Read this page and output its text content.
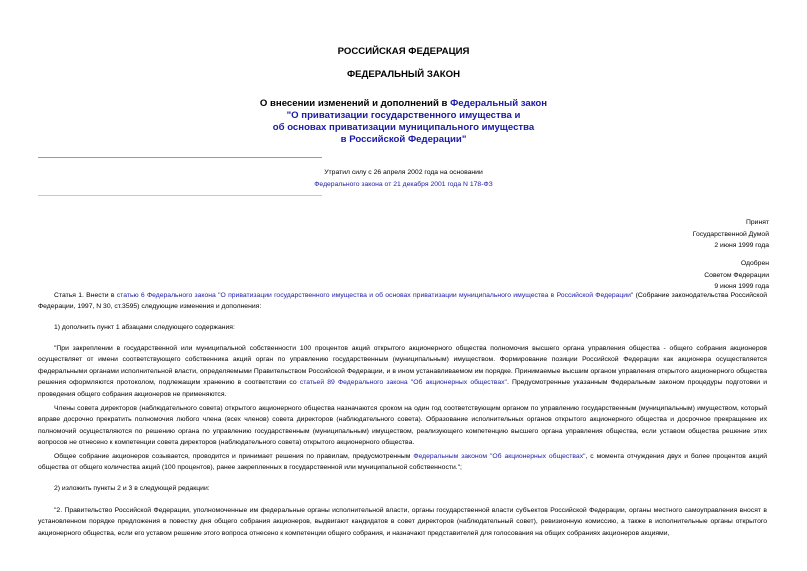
РОССИЙСКАЯ ФЕДЕРАЦИЯ
ФЕДЕРАЛЬНЫЙ ЗАКОН
О внесении изменений и дополнений в Федеральный закон
"О приватизации государственного имущества и
об основах приватизации муниципального имущества
в Российской Федерации"
Утратил силу с 26 апреля 2002 года на основании
Федерального закона от 21 декабря 2001 года N 178-ФЗ
Принят
Государственной Думой
2 июня 1999 года
Одобрен
Советом Федерации
9 июня 1999 года
Статья 1. Внести в статью 6 Федерального закона "О приватизации государственного имущества и об основах приватизации муниципального имущества в Российской Федерации" (Собрание законодательства Российской Федерации, 1997, N 30, ст.3595) следующие изменения и дополнения:
1) дополнить пункт 1 абзацами следующего содержания:
"При закреплении в государственной или муниципальной собственности 100 процентов акций открытого акционерного общества полномочия высшего органа управления общества - общего собрания акционеров осуществляет от имени соответствующего собственника акций орган по управлению государственным (муниципальным) имуществом. Формирование позиции Российской Федерации как акционера осуществляется федеральными органами исполнительной власти, определяемыми Правительством Российской Федерации, и в ином устанавливаемом им порядке. Принимаемые высшим органом управления открытого акционерного общества решения оформляются протоколом, подлежащим хранению в соответствии со статьей 89 Федерального закона "Об акционерных обществах". Предусмотренные указанным Федеральным законом процедуры подготовки и проведения общего собрания акционеров не применяются.
Члены совета директоров (наблюдательного совета) открытого акционерного общества назначаются сроком на один год соответствующим органом по управлению государственным (муниципальным) имуществом, который вправе досрочно прекратить полномочия любого члена (всех членов) совета директоров (наблюдательного совета). Образование исполнительных органов открытого акционерного общества и досрочное прекращение их полномочий осуществляются по решению органа по управлению государственным (муниципальным) имуществом, реализующего компетенцию высшего органа управления общества, если уставом общества решение этих вопросов не отнесено к компетенции совета директоров (наблюдательного совета) открытого акционерного общества.
Общее собрание акционеров созывается, проводится и принимает решения по правилам, предусмотренным Федеральным законом "Об акционерных обществах", с момента отчуждения двух и более процентов акций общества от общего количества акций (100 процентов), ранее закрепленных в государственной или муниципальной собственности.";
2) изложить пункты 2 и 3 в следующей редакции:
"2. Правительство Российской Федерации, уполномоченные им федеральные органы исполнительной власти, органы государственной власти субъектов Российской Федерации, органы местного самоуправления вносят в установленном порядке предложения в повестку дня общего собрания акционеров, выдвигают кандидатов в совет директоров (наблюдательный совет), ревизионную комиссию, а также в исполнительные органы открытого акционерного общества, если его уставом решение этого вопроса отнесено к компетенции общего собрания, и назначают представителей для голосования на общих собраниях акционеров акциями,
